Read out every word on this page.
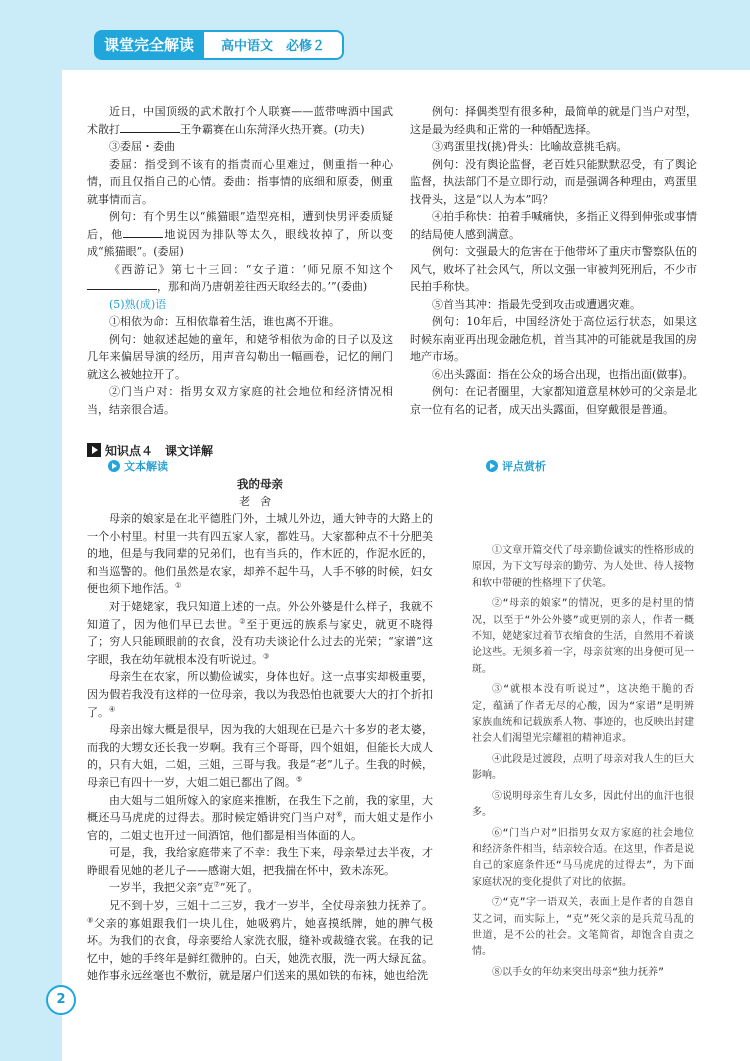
课堂完全解读	高中语文　必修２

近日，中国顶级的武术散打个人联赛——蓝带啤酒中国武术散打	王争霸赛在山东菏泽火热开赛。(功夫)

③委屈・委曲

委屈：指受到不该有的指责而心里难过，侧重指一种心情，而且仅指自己的心情。委曲：指事情的底细和原委，侧重就事情而言。

例句：有个男生以“熊猫眼”造型亮相，遭到快男评委质疑后，他	地说因为排队等太久，眼线妆掉了，所以变成“熊猫眼”。(委屈)

《西游记》第七十三回：“女子道：‘师兄原不知这个，那和尚乃唐朝差往西天取经去的。’”(委曲)

(5)熟(成)语

①相依为命：互相依靠着生活，谁也离不开谁。

例句：她叙述起她的童年，和姥爷相依为命的日子以及这几年来偏居导演的经历，用声音勾勒出一幅画卷，记忆的闸门就这么被她拉开了。

②门当户对：指男女双方家庭的社会地位和经济情况相当，结亲很合适。

例句：择偶类型有很多种，最简单的就是门当户对型，这是最为经典和正常的一种婚配选择。

③鸡蛋里找(挑)骨头：比喻故意挑毛病。

例句：没有舆论监督，老百姓只能默默忍受，有了舆论监督，执法部门不是立即行动，而是强调各种理由，鸡蛋里找骨头，这是“以人为本”吗？

④拍手称快：拍着手喊痛快，多指正义得到伸张或事情的结局使人感到满意。

例句：文强最大的危害在于他带坏了重庆市警察队伍的风气，败坏了社会风气，所以文强一审被判死刑后，不少市民拍手称快。

⑤首当其冲：指最先受到攻击或遭遇灾难。

例句：10年后，中国经济处于高位运行状态，如果这时候东南亚再出现金融危机，首当其冲的可能就是我国的房地产市场。

⑥出头露面：指在公众的场合出现，也指出面(做事)。

例句：在记者圈里，大家都知道意星林妙可的父亲是北京一位有名的记者，成天出头露面，但穿戴很是普通。

知识点４　课文详解
文本解读	评点赏析
我的母亲
老舍

母亲的娘家是在北平德胜门外，土城儿外边，通大钟寺的大路上的一个小村里。村里一共有四五家人家，都姓马。大家都种点不十分肥美的地，但是与我同辈的兄弟们，也有当兵的，作木匠的，作泥水匠的，和当巡警的。他们虽然是农家，却养不起牛马，人手不够的时候，妇女便也须下地作活。①

对于姥姥家，我只知道上述的一点。外公外婆是什么样子，我就不知道了，因为他们早已去世。②至于更远的族系与家史，就更不晓得了；穷人只能顾眼前的衣食，没有功夫谈论什么过去的光荣；“家谱”这字眼，我在幼年就根本没有听说过。③

母亲生在农家，所以勤俭诚实，身体也好。这一点事实却极重要，因为假若我没有这样的一位母亲，我以为我恐怕也就要大大的打个折扣了。④

母亲出嫁大概是很早，因为我的大姐现在已是六十多岁的老太婆，而我的大甥女还长我一岁啊。我有三个哥哥，四个姐姐，但能长大成人的，只有大姐，二姐，三姐，三哥与我。我是“老”儿子。生我的时候，母亲已有四十一岁，大姐二姐已都出了阁。⑤

由大姐与二姐所嫁入的家庭来推断，在我生下之前，我的家里，大概还马马虎虎的过得去。那时候定婚讲究门当户对⑥，而大姐丈是作小官的，二姐丈也开过一间酒馆，他们都是相当体面的人。

可是，我，我给家庭带来了不幸：我生下来，母亲晕过去半夜，才睁眼看见她的老儿子——感谢大姐，把我揣在怀中，致未冻死。

一岁半，我把父亲“克⑦”死了。

兄不到十岁，三姐十二三岁，我才一岁半，全仗母亲独力抚养了。⑧父亲的寡姐跟我们一块儿住，她吸鸦片，她喜摸纸牌，她的脾气极坏。为我们的衣食，母亲要给人家洗衣服，缝补或裁缝衣裳。在我的记忆中，她的手终年是鲜红微肿的。白天，她洗衣服，洗一两大绿瓦盆。她作事永远丝毫也不敷衍，就是屠户们送来的黑如铁的布袜，她也给洗

①文章开篇交代了母亲勤俭诚实的性格形成的原因，为下文写母亲的勤劳、为人处世、待人接物和软中带硬的性格埋下了伏笔。

②“母亲的娘家”的情况，更多的是村里的情况，以至于“外公外婆”或更别的亲人，作者一概不知，姥姥家过着节衣缩食的生活，自然用不着谈论这些。无须多着一字，母亲贫寒的出身便可见一斑。

③“就根本没有听说过”，这决绝干脆的否定，蕴涵了作者无尽的心酸，因为“家谱”是明辨家族血统和记载族系人物、事迹的，也反映出封建社会人们渴望光宗耀祖的精神追求。

④此段是过渡段，点明了母亲对我人生的巨大影响。

⑤说明母亲生育儿女多，因此付出的血汗也很多。

⑥“门当户对”旧指男女双方家庭的社会地位和经济条件相当，结亲较合适。在这里，作者是说自己的家庭条件还“马马虎虎的过得去”，为下面家庭状况的变化提供了对比的依据。

⑦“克”字一语双关，表面上是作者的自怨自艾之词，而实际上，“克”死父亲的是兵荒马乱的世道，是不公的社会。文笔简省，却饱含自责之情。

⑧以手女的年幼来突出母亲“独力抚养”

2
